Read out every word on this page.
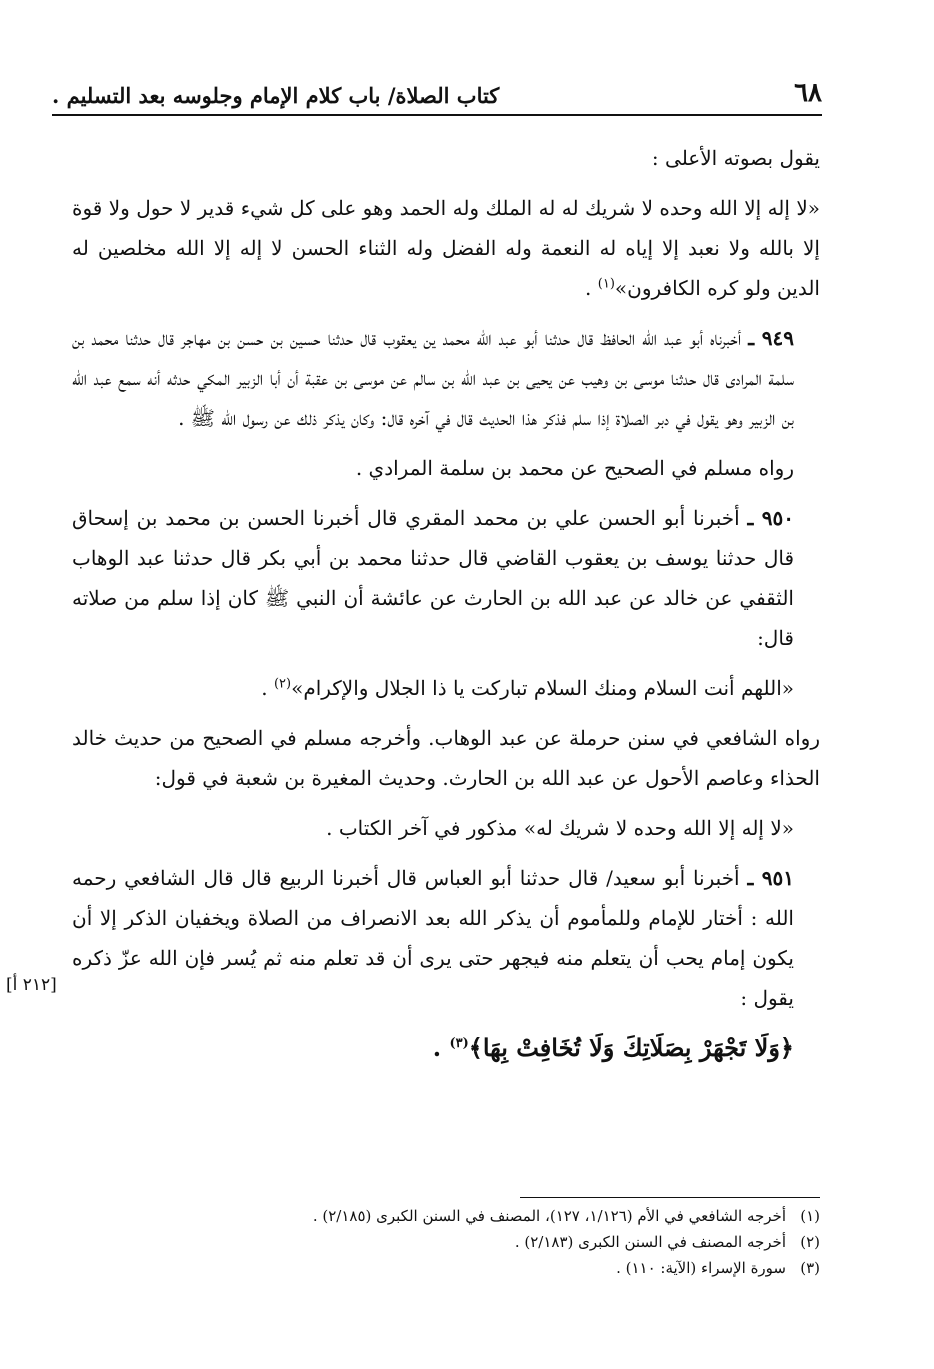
٦٨
كتاب الصلاة/ باب كلام الإمام وجلوسه بعد التسليم .
[٢١٢ أ]

يقول بصوته الأعلى :

«لا إله إلا الله وحده لا شريك له له الملك وله الحمد وهو على كل شيء قدير لا حول ولا قوة إلا بالله ولا نعبد إلا إياه له النعمة وله الفضل وله الثناء الحسن لا إله إلا الله مخلصين له الدين ولو كره الكافرون»$^{(١)}$ .

٩٤٩ ـ أخبرناه أبو عبد الله الحافظ قال حدثنا أبو عبد الله محمد ين يعقوب قال حدثنا حسين بن حسن بن مهاجر قال حدثنا محمد بن سلمة المرادى قال حدثنا موسى بن وهيب عن يحيى بن عبد الله بن سالم عن موسى بن عقبة أن أبا الزبير المكي حدثه أنه سمع عبد الله بن الزبير وهو يقول في دبر الصلاة إذا سلم فذكر هذا الحديث قال في آخره قال: وكان يذكر ذلك عن رسول الله ﷺ .

رواه مسلم في الصحيح عن محمد بن سلمة المرادي .

٩٥٠ ـ أخبرنا أبو الحسن علي بن محمد المقري قال أخبرنا الحسن بن محمد بن إسحاق قال حدثنا يوسف بن يعقوب القاضي قال حدثنا محمد بن أبي بكر قال حدثنا عبد الوهاب الثقفي عن خالد عن عبد الله بن الحارث عن عائشة أن النبي ﷺ كان إذا سلم من صلاته قال:

«اللهم أنت السلام ومنك السلام تباركت يا ذا الجلال والإكرام»$^{(٢)}$ .

رواه الشافعي في سنن حرملة عن عبد الوهاب. وأخرجه مسلم في الصحيح من حديث خالد الحذاء وعاصم الأحول عن عبد الله بن الحارث. وحديث المغيرة بن شعبة في قول:

«لا إله إلا الله وحده لا شريك له» مذكور في آخر الكتاب .

٩٥١ ـ أخبرنا أبو سعيد/ قال حدثنا أبو العباس قال أخبرنا الربيع قال قال الشافعي رحمه الله : أختار للإمام وللمأموم أن يذكر الله بعد الانصراف من الصلاة ويخفيان الذكر إلا أن يكون إمام يحب أن يتعلم منه فيجهر حتى يرى أن قد تعلم منه ثم يُسر فإن الله عزّ ذكره يقول :

﴿وَلَا تَجْهَرْ بِصَلَاتِكَ وَلَا تُخَافِتْ بِهَا﴾$^{(٣)}$ .

(١)
أخرجه الشافعي في الأم (١/١٢٦، ١٢٧)، المصنف في السنن الكبرى (٢/١٨٥) .
(٢)
أخرجه المصنف في السنن الكبرى (٢/١٨٣) .
(٣)
سورة الإسراء (الآية: ١١٠) .
